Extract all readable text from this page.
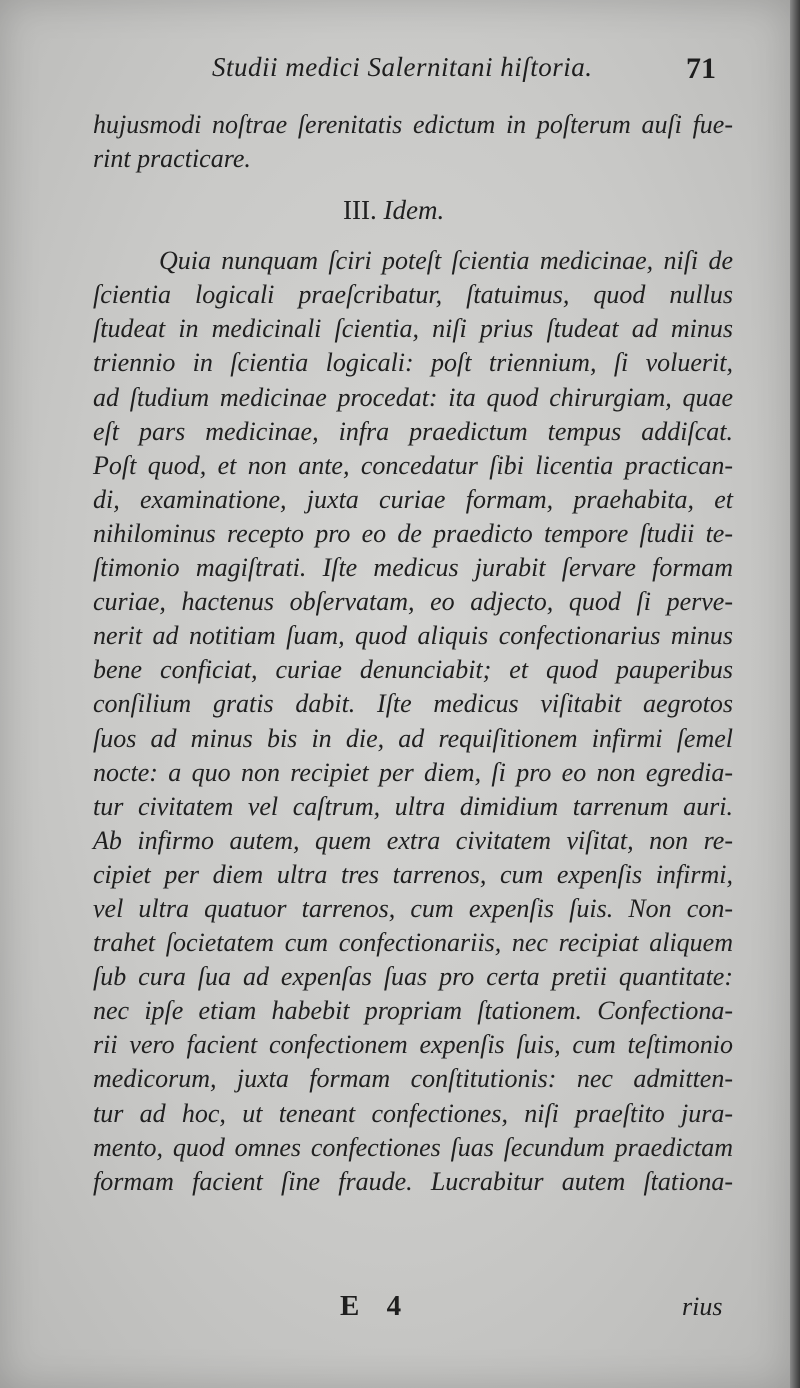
Studii medici Salernitani hiſtoria.	71
hujusmodi noſtrae ſerenitatis edictum in poſterum auſi fue-
rint practicare.
III. Idem.
Quia nunquam ſciri poteſt ſcientia medicinae, niſi de
ſcientia logicali praeſcribatur, ſtatuimus, quod nullus
ſtudeat in medicinali ſcientia, niſi prius ſtudeat ad minus
triennio in ſcientia logicali: poſt triennium, ſi voluerit,
ad ſtudium medicinae procedat: ita quod chirurgiam, quae
eſt pars medicinae, infra praedictum tempus addiſcat.
Poſt quod, et non ante, concedatur ſibi licentia practican-
di, examinatione, juxta curiae formam, praehabita, et
nihilominus recepto pro eo de praedicto tempore ſtudii te-
ſtimonio magiſtrati. Iſte medicus jurabit ſervare formam
curiae, hactenus obſervatam, eo adjecto, quod ſi perve-
nerit ad notitiam ſuam, quod aliquis confectionarius minus
bene conficiat, curiae denunciabit; et quod pauperibus
conſilium gratis dabit. Iſte medicus viſitabit aegrotos
ſuos ad minus bis in die, ad requiſitionem infirmi ſemel
nocte: a quo non recipiet per diem, ſi pro eo non egredia-
tur civitatem vel caſtrum, ultra dimidium tarrenum auri.
Ab infirmo autem, quem extra civitatem viſitat, non re-
cipiet per diem ultra tres tarrenos, cum expenſis infirmi,
vel ultra quatuor tarrenos, cum expenſis ſuis. Non con-
trahet ſocietatem cum confectionariis, nec recipiat aliquem
ſub cura ſua ad expenſas ſuas pro certa pretii quantitate:
nec ipſe etiam habebit propriam ſtationem. Confectiona-
rii vero facient confectionem expenſis ſuis, cum teſtimonio
medicorum, juxta formam conſtitutionis: nec admitten-
tur ad hoc, ut teneant confectiones, niſi praeſtito jura-
mento, quod omnes confectiones ſuas ſecundum praedictam
formam facient ſine fraude. Lucrabitur autem ſtationa-
E 4	rius
